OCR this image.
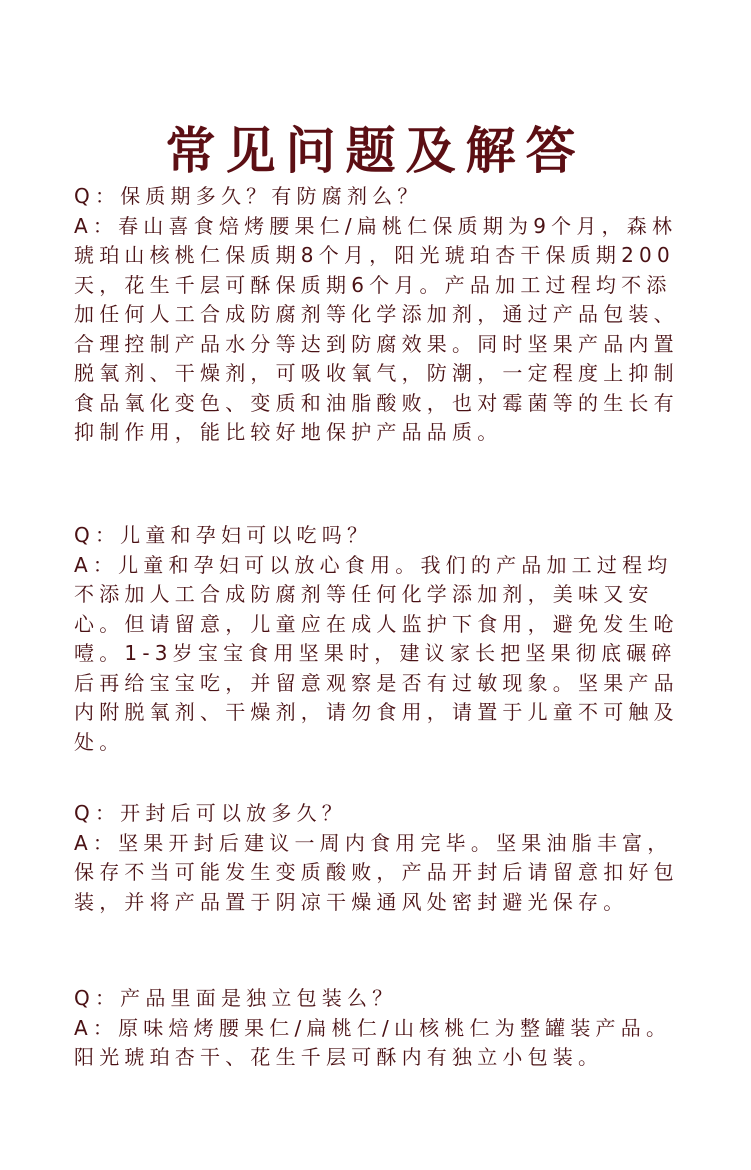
常见问题及解答

Q：保质期多久？有防腐剂么？

A：春山喜食焙烤腰果仁/扁桃仁保质期为9个月，森林琥珀山核桃仁保质期8个月，阳光琥珀杏干保质期200天，花生千层可酥保质期6个月。产品加工过程均不添加任何人工合成防腐剂等化学添加剂，通过产品包装、合理控制产品水分等达到防腐效果。同时坚果产品内置脱氧剂、干燥剂，可吸收氧气，防潮，一定程度上抑制食品氧化变色、变质和油脂酸败，也对霉菌等的生长有抑制作用，能比较好地保护产品品质。

Q：儿童和孕妇可以吃吗？

A：儿童和孕妇可以放心食用。我们的产品加工过程均不添加人工合成防腐剂等任何化学添加剂，美味又安心。但请留意，儿童应在成人监护下食用，避免发生呛噎。1-3岁宝宝食用坚果时，建议家长把坚果彻底碾碎后再给宝宝吃，并留意观察是否有过敏现象。坚果产品内附脱氧剂、干燥剂，请勿食用，请置于儿童不可触及处。

Q：开封后可以放多久？

A：坚果开封后建议一周内食用完毕。坚果油脂丰富，保存不当可能发生变质酸败，产品开封后请留意扣好包装，并将产品置于阴凉干燥通风处密封避光保存。

Q：产品里面是独立包装么？

A：原味焙烤腰果仁/扁桃仁/山核桃仁为整罐装产品。阳光琥珀杏干、花生千层可酥内有独立小包装。
